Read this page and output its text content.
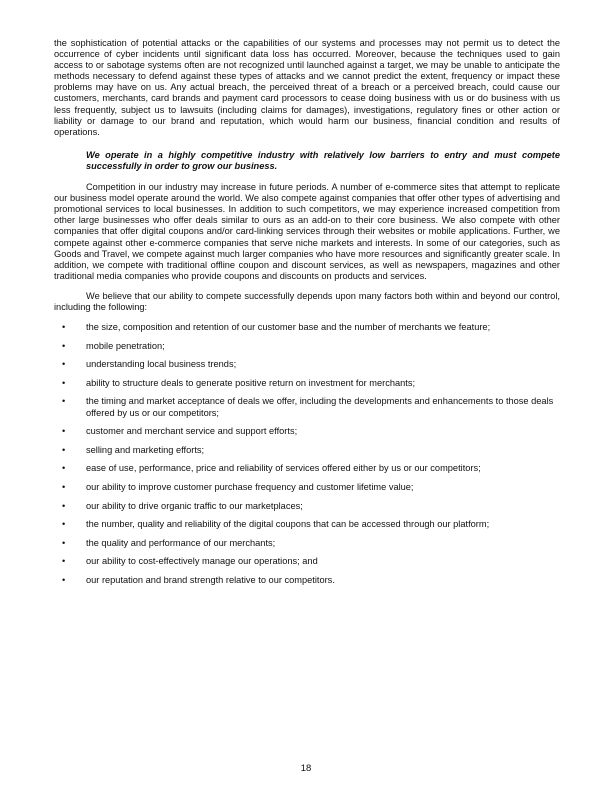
the sophistication of potential attacks or the capabilities of our systems and processes may not permit us to detect the occurrence of cyber incidents until significant data loss has occurred. Moreover, because the techniques used to gain access to or sabotage systems often are not recognized until launched against a target, we may be unable to anticipate the methods necessary to defend against these types of attacks and we cannot predict the extent, frequency or impact these problems may have on us. Any actual breach, the perceived threat of a breach or a perceived breach, could cause our customers, merchants, card brands and payment card processors to cease doing business with us or do business with us less frequently, subject us to lawsuits (including claims for damages), investigations, regulatory fines or other action or liability or damage to our brand and reputation, which would harm our business, financial condition and results of operations.

We operate in a highly competitive industry with relatively low barriers to entry and must compete successfully in order to grow our business.

Competition in our industry may increase in future periods. A number of e-commerce sites that attempt to replicate our business model operate around the world. We also compete against companies that offer other types of advertising and promotional services to local businesses. In addition to such competitors, we may experience increased competition from other large businesses who offer deals similar to ours as an add-on to their core business. We also compete with other companies that offer digital coupons and/or card-linking services through their websites or mobile applications. Further, we compete against other e-commerce companies that serve niche markets and interests. In some of our categories, such as Goods and Travel, we compete against much larger companies who have more resources and significantly greater scale. In addition, we compete with traditional offline coupon and discount services, as well as newspapers, magazines and other traditional media companies who provide coupons and discounts on products and services.

We believe that our ability to compete successfully depends upon many factors both within and beyond our control, including the following:

• the size, composition and retention of our customer base and the number of merchants we feature;
• mobile penetration;
• understanding local business trends;
• ability to structure deals to generate positive return on investment for merchants;
• the timing and market acceptance of deals we offer, including the developments and enhancements to those deals offered by us or our competitors;
• customer and merchant service and support efforts;
• selling and marketing efforts;
• ease of use, performance, price and reliability of services offered either by us or our competitors;
• our ability to improve customer purchase frequency and customer lifetime value;
• our ability to drive organic traffic to our marketplaces;
• the number, quality and reliability of the digital coupons that can be accessed through our platform;
• the quality and performance of our merchants;
• our ability to cost-effectively manage our operations; and
• our reputation and brand strength relative to our competitors.
18
